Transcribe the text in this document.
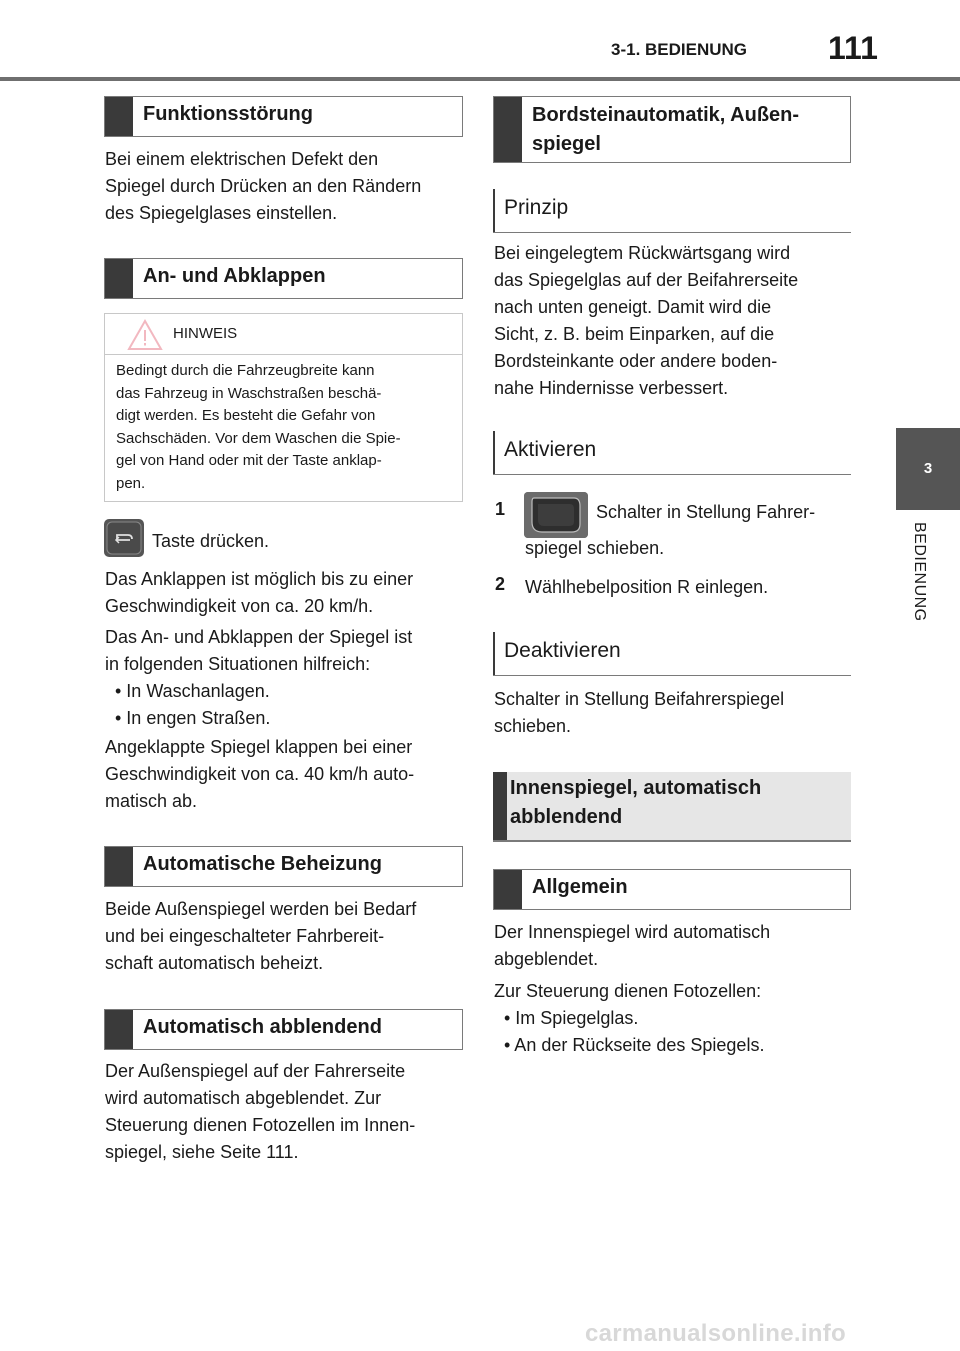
3-1. BEDIENUNG	111
3
BEDIENUNG
Funktionsstörung
Bei einem elektrischen Defekt den
Spiegel durch Drücken an den Rändern
des Spiegelglases einstellen.
An- und Abklappen
HINWEIS
Bedingt durch die Fahrzeugbreite kann
das Fahrzeug in Waschstraßen beschä-
digt werden. Es besteht die Gefahr von
Sachschäden. Vor dem Waschen die Spie-
gel von Hand oder mit der Taste anklap-
pen.
Taste drücken.
Das Anklappen ist möglich bis zu einer
Geschwindigkeit von ca. 20 km/h.
Das An- und Abklappen der Spiegel ist
in folgenden Situationen hilfreich:
• In Waschanlagen.
• In engen Straßen.
Angeklappte Spiegel klappen bei einer
Geschwindigkeit von ca. 40 km/h auto-
matisch ab.
Automatische Beheizung
Beide Außenspiegel werden bei Bedarf
und bei eingeschalteter Fahrbereit-
schaft automatisch beheizt.
Automatisch abblendend
Der Außenspiegel auf der Fahrerseite
wird automatisch abgeblendet. Zur
Steuerung dienen Fotozellen im Innen-
spiegel, siehe Seite 111.
Bordsteinautomatik, Außen-
spiegel
Prinzip
Bei eingelegtem Rückwärtsgang wird
das Spiegelglas auf der Beifahrerseite
nach unten geneigt. Damit wird die
Sicht, z. B. beim Einparken, auf die
Bordsteinkante oder andere boden-
nahe Hindernisse verbessert.
Aktivieren
1	Schalter in Stellung Fahrer-
spiegel schieben.
2 Wählhebelposition R einlegen.
Deaktivieren
Schalter in Stellung Beifahrerspiegel
schieben.
Innenspiegel, automatisch
abblendend
Allgemein
Der Innenspiegel wird automatisch
abgeblendet.
Zur Steuerung dienen Fotozellen:
• Im Spiegelglas.
• An der Rückseite des Spiegels.
carmanualsonline.info
